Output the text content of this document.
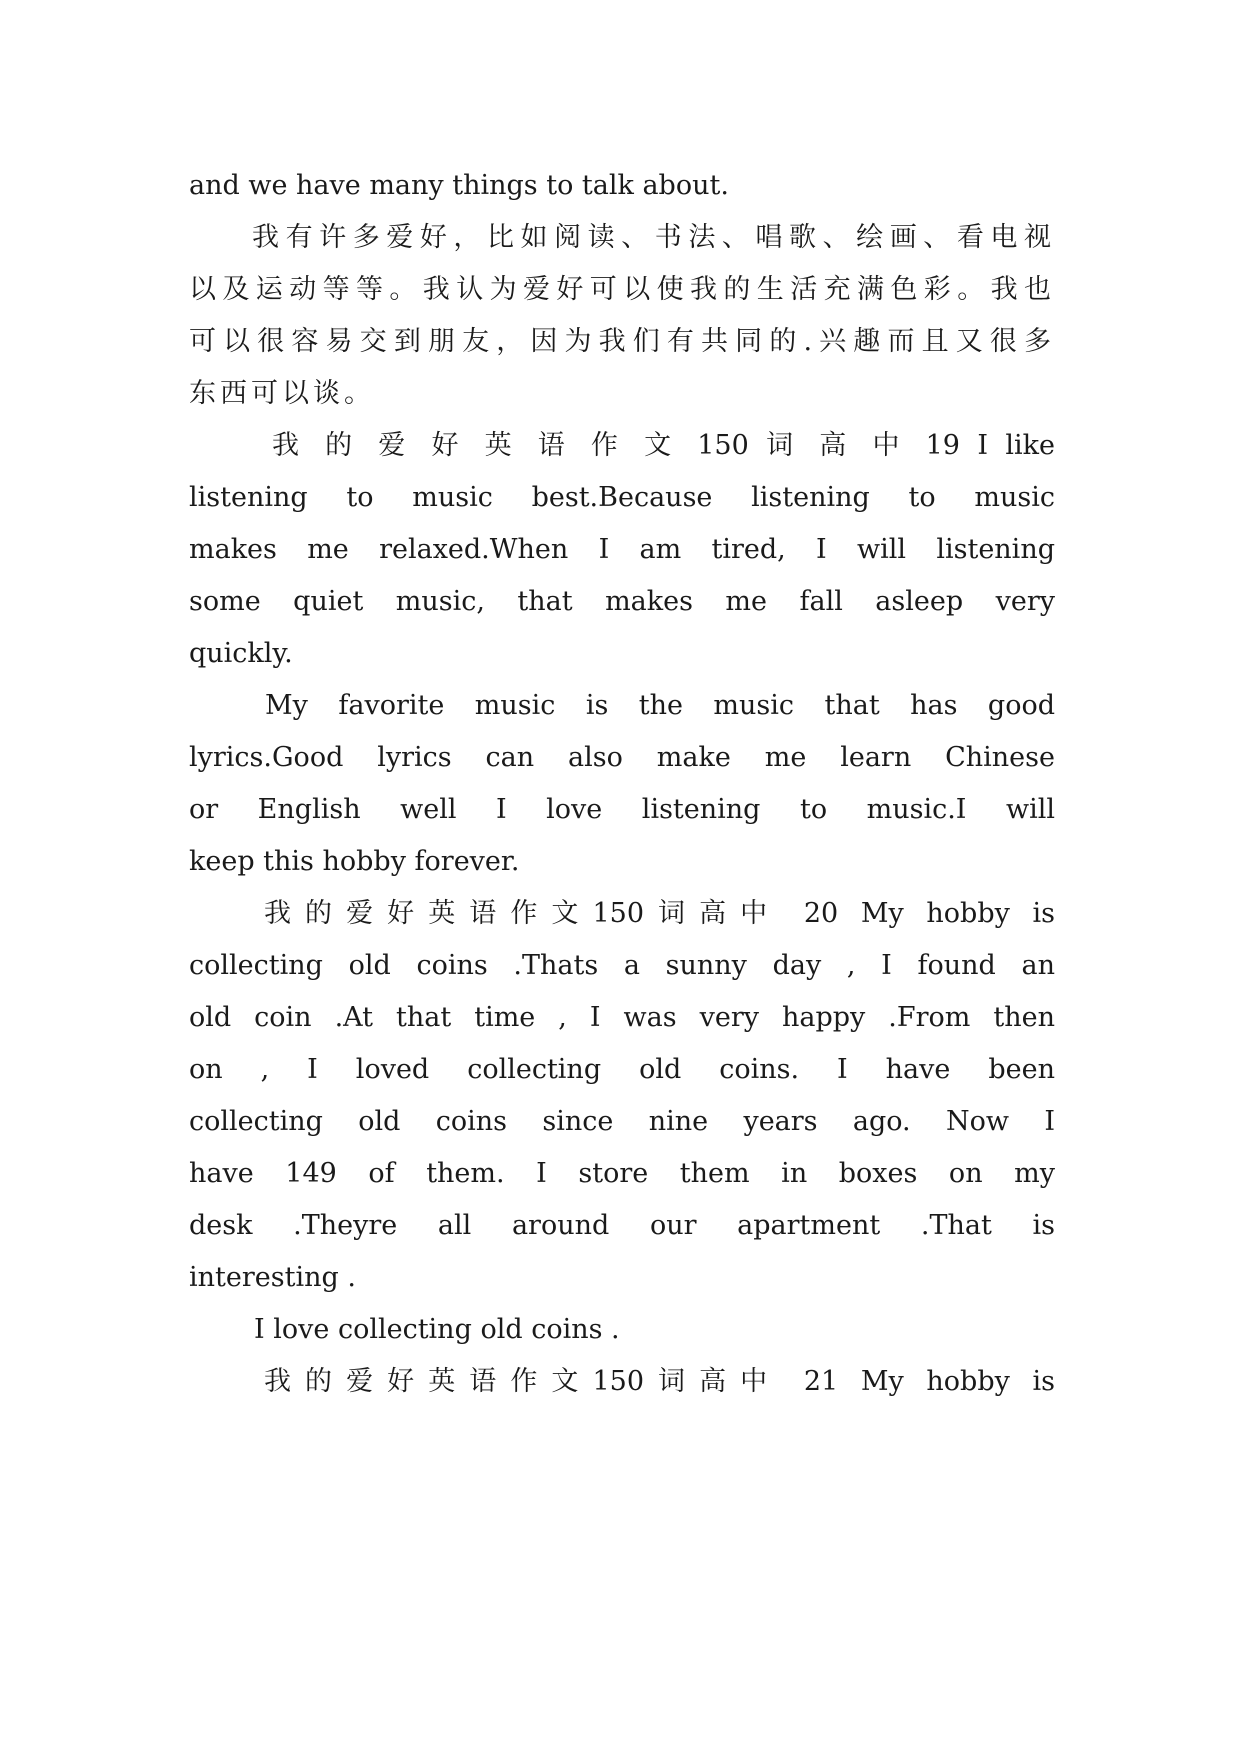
and we have many things to talk about.
我有许多爱好，比如阅读、书法、唱歌、绘画、看电视
以及运动等等。我认为爱好可以使我的生活充满色彩。我也
可以很容易交到朋友，因为我们有共同的.兴趣而且又很多
东西可以谈。
我 的 爱 好 英 语 作 文 150 词 高 中 19 I like
listening to music best.Because listening to music
makes me relaxed.When I am tired, I will listening
some quiet music, that makes me fall asleep very
quickly.
My favorite music is the music that has good
lyrics.Good lyrics can also make me learn Chinese
or English well I love listening to music.I will
keep this hobby forever.
我的爱好英语作文150词高中 20 My hobby is
collecting old coins .Thats a sunny day , I found an
old coin .At that time , I was very happy .From then
on , I loved collecting old coins. I have been
collecting old coins since nine years ago. Now I
have 149 of them. I store them in boxes on my
desk .Theyre all around our apartment .That is
interesting .
I love collecting old coins .
我的爱好英语作文150词高中 21 My hobby is
